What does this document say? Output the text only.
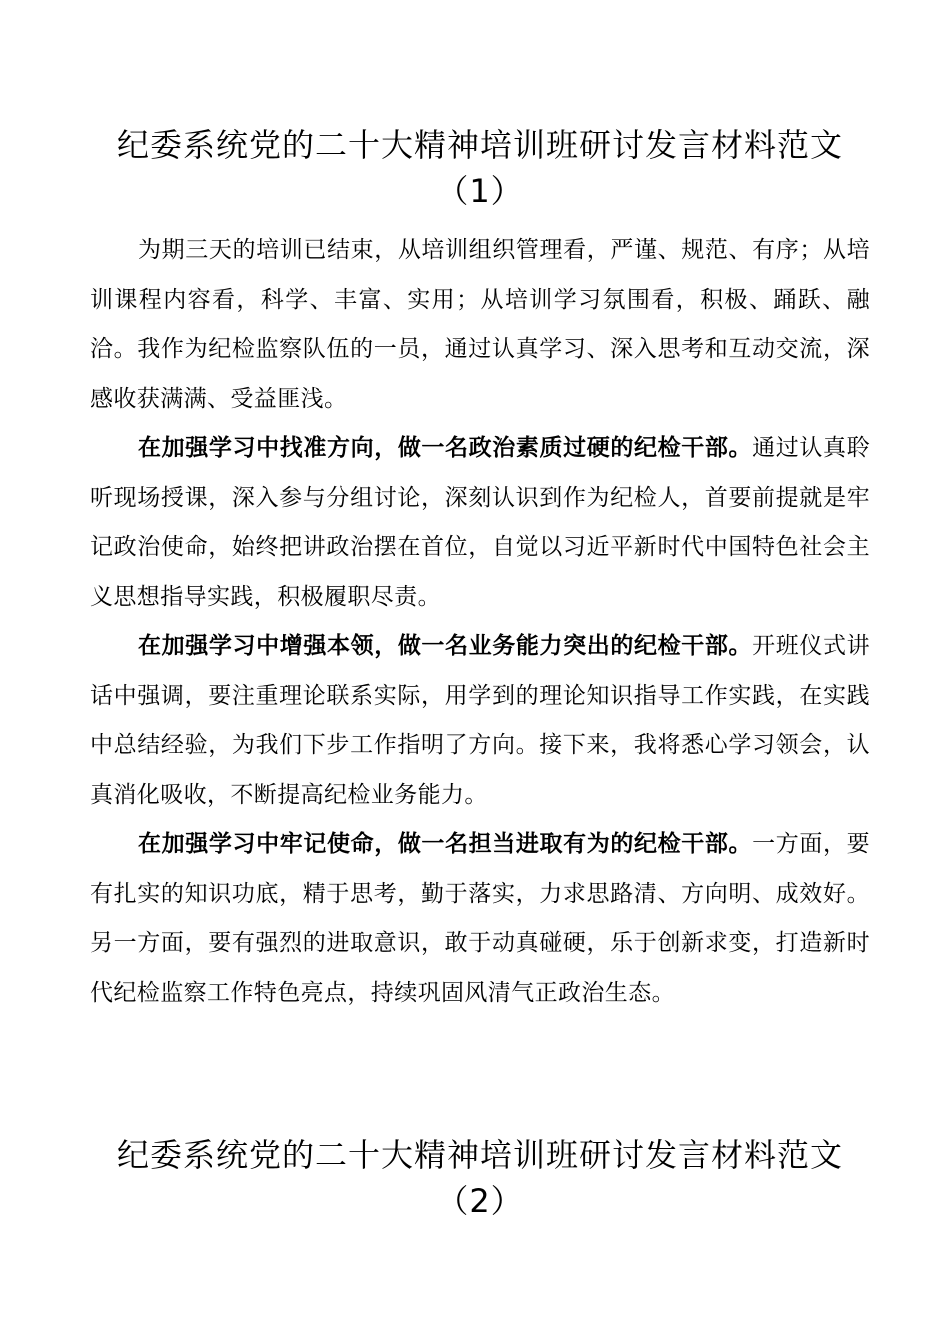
纪委系统党的二十大精神培训班研讨发言材料范文（1）

为期三天的培训已结束，从培训组织管理看，严谨、规范、有序；从培训课程内容看，科学、丰富、实用；从培训学习氛围看，积极、踊跃、融洽。我作为纪检监察队伍的一员，通过认真学习、深入思考和互动交流，深感收获满满、受益匪浅。

在加强学习中找准方向，做一名政治素质过硬的纪检干部。通过认真聆听现场授课，深入参与分组讨论，深刻认识到作为纪检人，首要前提就是牢记政治使命，始终把讲政治摆在首位，自觉以习近平新时代中国特色社会主义思想指导实践，积极履职尽责。

在加强学习中增强本领，做一名业务能力突出的纪检干部。开班仪式讲话中强调，要注重理论联系实际，用学到的理论知识指导工作实践，在实践中总结经验，为我们下步工作指明了方向。接下来，我将悉心学习领会，认真消化吸收，不断提高纪检业务能力。

在加强学习中牢记使命，做一名担当进取有为的纪检干部。一方面，要有扎实的知识功底，精于思考，勤于落实，力求思路清、方向明、成效好。另一方面，要有强烈的进取意识，敢于动真碰硬，乐于创新求变，打造新时代纪检监察工作特色亮点，持续巩固风清气正政治生态。

纪委系统党的二十大精神培训班研讨发言材料范文（2）
